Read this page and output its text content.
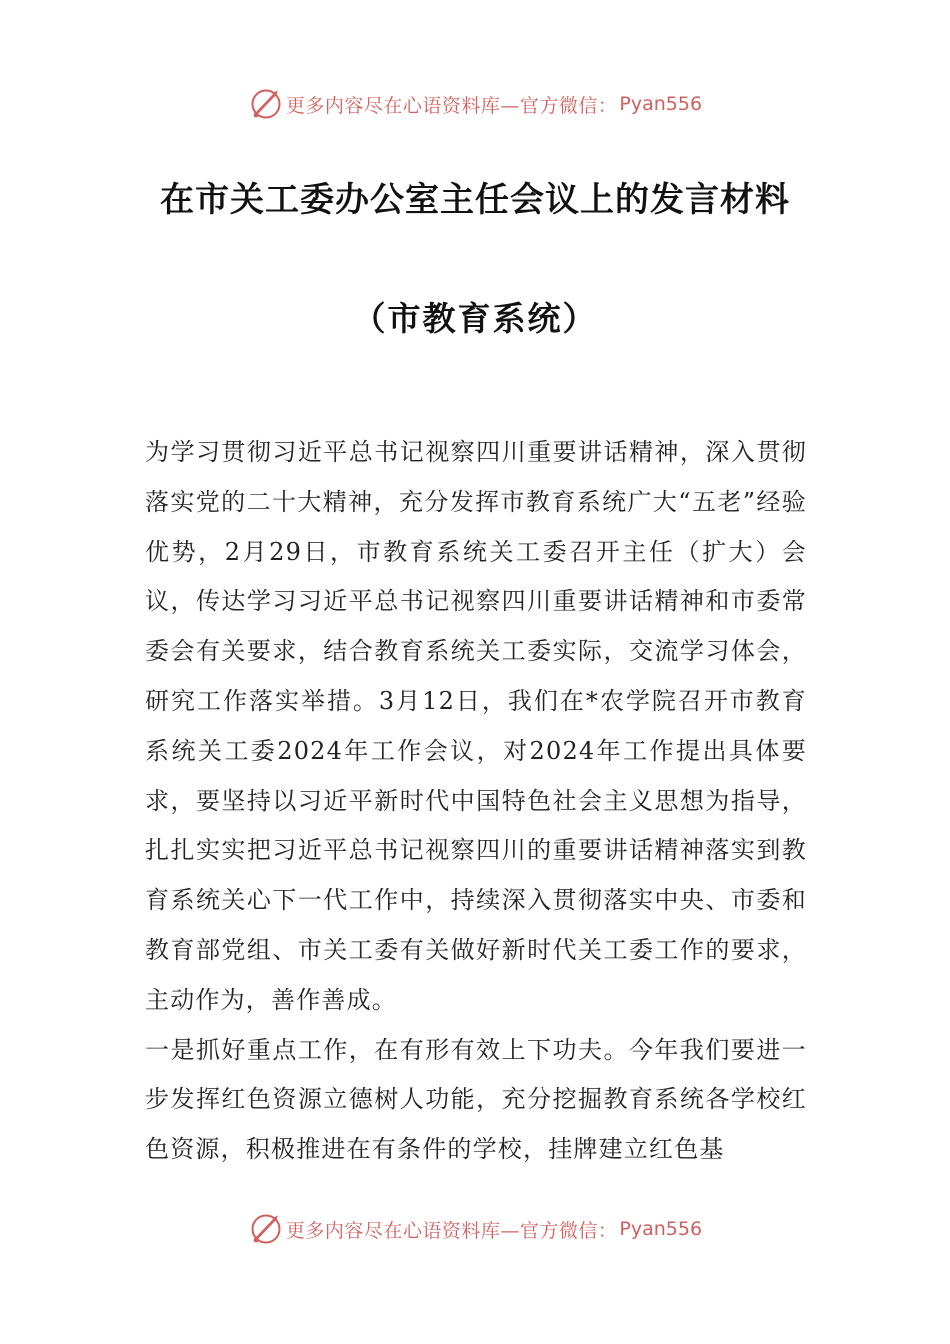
更多内容尽在心语资料库—官方微信： Pyan556
在市关工委办公室主任会议上的发言材料
（市教育系统）

为学习贯彻习近平总书记视察四川重要讲话精神，深入贯彻落实党的二十大精神，充分发挥市教育系统广大“五老”经验优势，2月29日，市教育系统关工委召开主任（扩大）会议，传达学习习近平总书记视察四川重要讲话精神和市委常委会有关要求，结合教育系统关工委实际，交流学习体会，研究工作落实举措。3月12日，我们在*农学院召开市教育系统关工委2024年工作会议，对2024年工作提出具体要求，要坚持以习近平新时代中国特色社会主义思想为指导，扎扎实实把习近平总书记视察四川的重要讲话精神落实到教育系统关心下一代工作中，持续深入贯彻落实中央、市委和教育部党组、市关工委有关做好新时代关工委工作的要求，主动作为，善作善成。

一是抓好重点工作，在有形有效上下功夫。今年我们要进一步发挥红色资源立德树人功能，充分挖掘教育系统各学校红色资源，积极推进在有条件的学校，挂牌建立红色基

更多内容尽在心语资料库—官方微信： Pyan556
